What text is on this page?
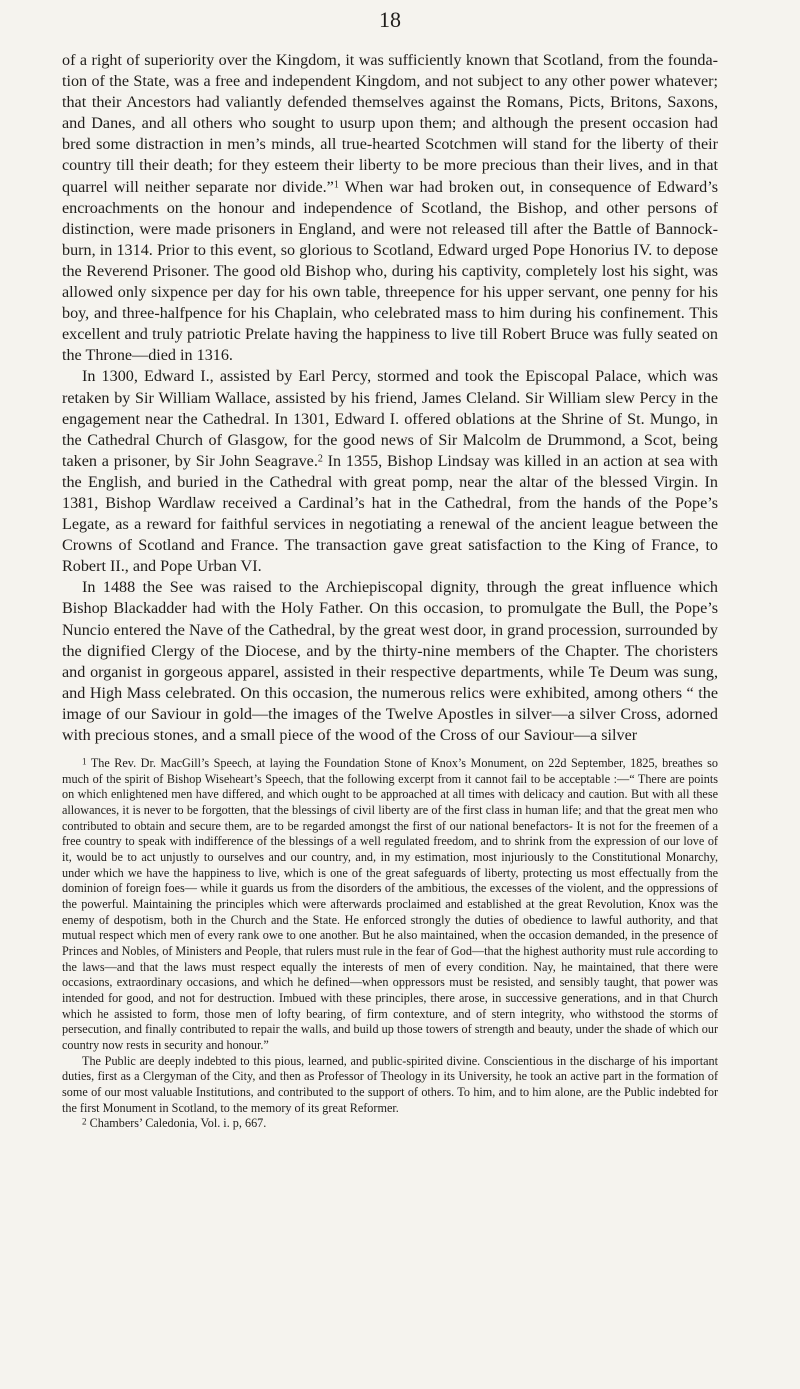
18

of a right of superiority over the Kingdom, it was sufficiently known that Scotland, from the foundation of the State, was a free and independent Kingdom, and not subject to any other power whatever; that their Ancestors had valiantly defended themselves against the Romans, Picts, Britons, Saxons, and Danes, and all others who sought to usurp upon them; and although the present occasion had bred some distraction in men’s minds, all true-hearted Scotchmen will stand for the liberty of their country till their death; for they esteem their liberty to be more precious than their lives, and in that quarrel will neither separate nor divide.”$^1$ When war had broken out, in consequence of Edward’s encroachments on the honour and independence of Scotland, the Bishop, and other persons of distinction, were made prisoners in England, and were not released till after the Battle of Bannockburn, in 1314. Prior to this event, so glorious to Scotland, Edward urged Pope Honorius IV. to depose the Reverend Prisoner. The good old Bishop who, during his captivity, completely lost his sight, was allowed only sixpence per day for his own table, threepence for his upper servant, one penny for his boy, and three-halfpence for his Chaplain, who celebrated mass to him during his confinement. This excellent and truly patriotic Prelate having the happiness to live till Robert Bruce was fully seated on the Throne—died in 1316.

In 1300, Edward I., assisted by Earl Percy, stormed and took the Episcopal Palace, which was retaken by Sir William Wallace, assisted by his friend, James Cleland. Sir William slew Percy in the engagement near the Cathedral. In 1301, Edward I. offered oblations at the Shrine of St. Mungo, in the Cathedral Church of Glasgow, for the good news of Sir Malcolm de Drummond, a Scot, being taken a prisoner, by Sir John Seagrave.$^2$ In 1355, Bishop Lindsay was killed in an action at sea with the English, and buried in the Cathedral with great pomp, near the altar of the blessed Virgin. In 1381, Bishop Wardlaw received a Cardinal’s hat in the Cathedral, from the hands of the Pope’s Legate, as a reward for faithful services in negotiating a renewal of the ancient league between the Crowns of Scotland and France. The transaction gave great satisfaction to the King of France, to Robert II., and Pope Urban VI.

In 1488 the See was raised to the Archiepiscopal dignity, through the great influence which Bishop Blackadder had with the Holy Father. On this occasion, to promulgate the Bull, the Pope’s Nuncio entered the Nave of the Cathedral, by the great west door, in grand procession, surrounded by the dignified Clergy of the Diocese, and by the thirty-nine members of the Chapter. The choristers and organist in gorgeous apparel, assisted in their respective departments, while Te Deum was sung, and High Mass celebrated. On this occasion, the numerous relics were exhibited, among others “ the image of our Saviour in gold—the images of the Twelve Apostles in silver—a silver Cross, adorned with precious stones, and a small piece of the wood of the Cross of our Saviour—a silver

$^1$ The Rev. Dr. MacGill’s Speech, at laying the Foundation Stone of Knox’s Monument, on 22d September, 1825, breathes so much of the spirit of Bishop Wiseheart’s Speech, that the following excerpt from it cannot fail to be acceptable :—“ There are points on which enlightened men have differed, and which ought to be approached at all times with delicacy and caution. But with all these allowances, it is never to be forgotten, that the blessings of civil liberty are of the first class in human life; and that the great men who contributed to obtain and secure them, are to be regarded amongst the first of our national benefactors- It is not for the freemen of a free country to speak with indifference of the blessings of a well regulated freedom, and to shrink from the expression of our love of it, would be to act unjustly to ourselves and our country, and, in my estimation, most injuriously to the Constitutional Monarchy, under which we have the happiness to live, which is one of the great safeguards of liberty, protecting us most effectually from the dominion of foreign foes— while it guards us from the disorders of the ambitious, the excesses of the violent, and the oppressions of the powerful. Maintaining the principles which were afterwards proclaimed and established at the great Revolution, Knox was the enemy of despotism, both in the Church and the State. He enforced strongly the duties of obedience to lawful authority, and that mutual respect which men of every rank owe to one another. But he also maintained, when the occasion demanded, in the presence of Princes and Nobles, of Ministers and People, that rulers must rule in the fear of God—that the highest authority must rule according to the laws—and that the laws must respect equally the interests of men of every condition. Nay, he maintained, that there were occasions, extraordinary occasions, and which he defined—when oppressors must be resisted, and sensibly taught, that power was intended for good, and not for destruction. Imbued with these principles, there arose, in successive generations, and in that Church which he assisted to form, those men of lofty bearing, of firm contexture, and of stern integrity, who withstood the storms of persecution, and finally contributed to repair the walls, and build up those towers of strength and beauty, under the shade of which our country now rests in security and honour.”

The Public are deeply indebted to this pious, learned, and public-spirited divine. Conscientious in the discharge of his important duties, first as a Clergyman of the City, and then as Professor of Theology in its University, he took an active part in the formation of some of our most valuable Institutions, and contributed to the support of others. To him, and to him alone, are the Public indebted for the first Monument in Scotland, to the memory of its great Reformer.

$^2$ Chambers’ Caledonia, Vol. i. p, 667.
